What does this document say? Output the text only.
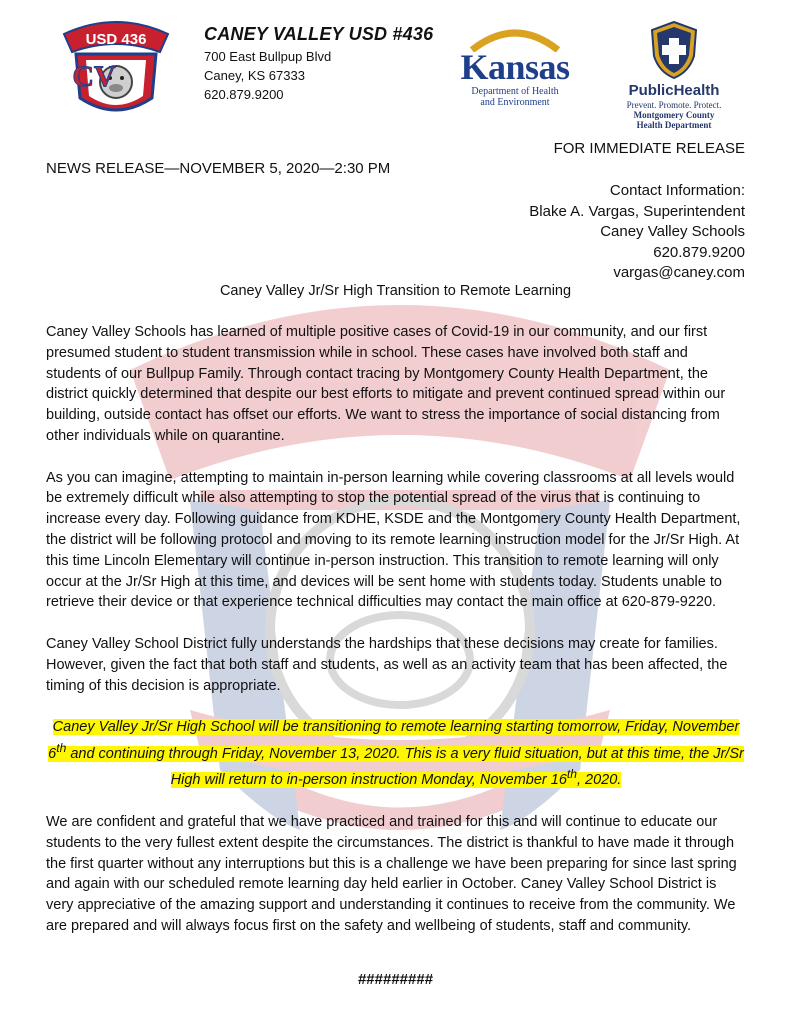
USD 436
CV
CANEY VALLEY USD #436
700 East Bullpup Blvd
Caney, KS 67333
620.879.9200
Kansas
Department of Health
and Environment
PublicHealth
Prevent. Promote. Protect.
Montgomery County
Health Department
FOR IMMEDIATE RELEASE
NEWS RELEASE—NOVEMBER 5, 2020—2:30 PM
Contact Information:
Blake A. Vargas, Superintendent
Caney Valley Schools
620.879.9200
vargas@caney.com
Caney Valley Jr/Sr High Transition to Remote Learning

Caney Valley Schools has learned of multiple positive cases of Covid-19 in our community, and our first presumed student to student transmission while in school. These cases have involved both staff and students of our Bullpup Family. Through contact tracing by Montgomery County Health Department, the district quickly determined that despite our best efforts to mitigate and prevent continued spread within our building, outside contact has offset our efforts. We want to stress the importance of social distancing from other individuals while on quarantine.

As you can imagine, attempting to maintain in-person learning while covering classrooms at all levels would be extremely difficult while also attempting to stop the potential spread of the virus that is continuing to increase every day. Following guidance from KDHE, KSDE and the Montgomery County Health Department, the district will be following protocol and moving to its remote learning instruction model for the Jr/Sr High. At this time Lincoln Elementary will continue in-person instruction. This transition to remote learning will only occur at the Jr/Sr High at this time, and devices will be sent home with students today. Students unable to retrieve their device or that experience technical difficulties may contact the main office at 620-879-9220.

Caney Valley School District fully understands the hardships that these decisions may create for families. However, given the fact that both staff and students, as well as an activity team that has been affected, the timing of this decision is appropriate.

Caney Valley Jr/Sr High School will be transitioning to remote learning starting tomorrow, Friday, November 6th and continuing through Friday, November 13, 2020. This is a very fluid situation, but at this time, the Jr/Sr High will return to in-person instruction Monday, November 16th, 2020.

We are confident and grateful that we have practiced and trained for this and will continue to educate our students to the very fullest extent despite the circumstances. The district is thankful to have made it through the first quarter without any interruptions but this is a challenge we have been preparing for since last spring and again with our scheduled remote learning day held earlier in October. Caney Valley School District is very appreciative of the amazing support and understanding it continues to receive from the community. We are prepared and will always focus first on the safety and wellbeing of students, staff and community.

#########
